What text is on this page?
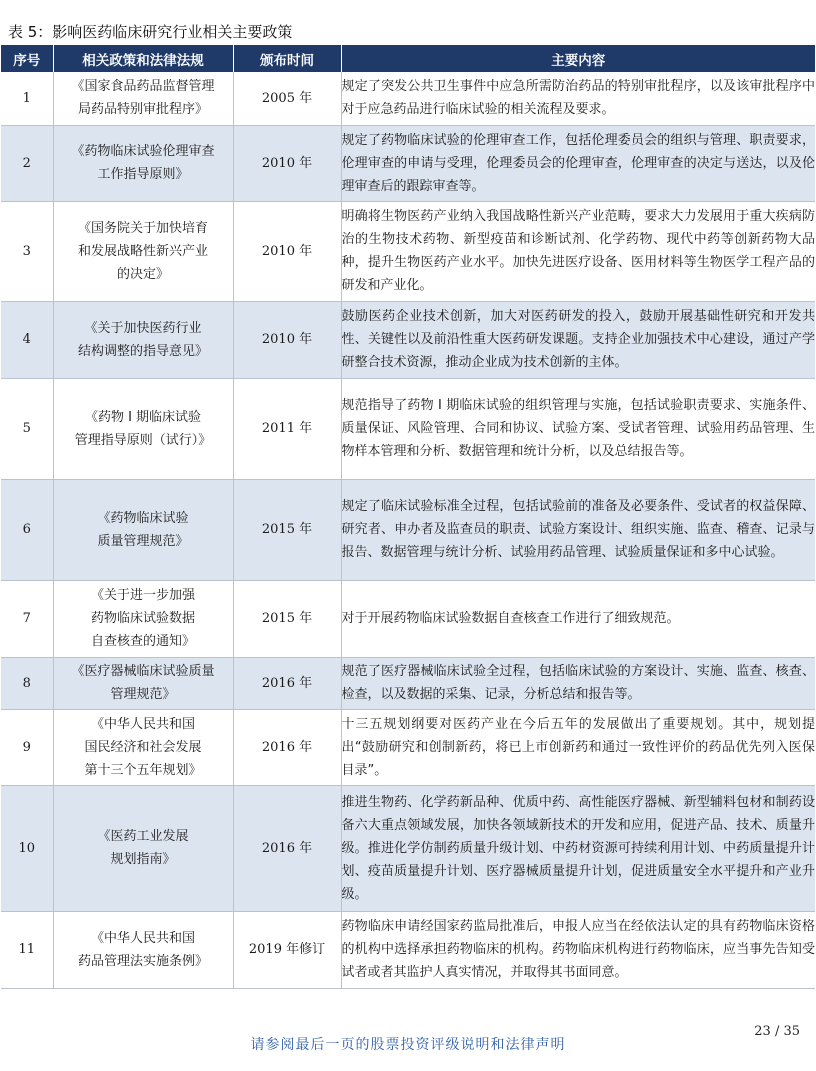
表 5：影响医药临床研究行业相关主要政策
序号	相关政策和法律法规	颁布时间	主要内容
1	《国家食品药品监督管理
局药品特别审批程序》	2005 年	规定了突发公共卫生事件中应急所需防治药品的特别审批程序，以及该审批程序中对于应急药品进行临床试验的相关流程及要求。
2	《药物临床试验伦理审查
工作指导原则》	2010 年	规定了药物临床试验的伦理审查工作，包括伦理委员会的组织与管理、职责要求，伦理审查的申请与受理，伦理委员会的伦理审查，伦理审查的决定与送达，以及伦理审查后的跟踪审查等。
3	《国务院关于加快培育
和发展战略性新兴产业
的决定》	2010 年	明确将生物医药产业纳入我国战略性新兴产业范畴，要求大力发展用于重大疾病防治的生物技术药物、新型疫苗和诊断试剂、化学药物、现代中药等创新药物大品种，提升生物医药产业水平。加快先进医疗设备、医用材料等生物医学工程产品的研发和产业化。
4	《关于加快医药行业
结构调整的指导意见》	2010 年	鼓励医药企业技术创新，加大对医药研发的投入，鼓励开展基础性研究和开发共性、关键性以及前沿性重大医药研发课题。支持企业加强技术中心建设，通过产学研整合技术资源，推动企业成为技术创新的主体。
5	《药物 I 期临床试验
管理指导原则（试行）》	2011 年	规范指导了药物 I 期临床试验的组织管理与实施，包括试验职责要求、实施条件、质量保证、风险管理、合同和协议、试验方案、受试者管理、试验用药品管理、生物样本管理和分析、数据管理和统计分析，以及总结报告等。
6	《药物临床试验
质量管理规范》	2015 年	规定了临床试验标准全过程，包括试验前的准备及必要条件、受试者的权益保障、研究者、申办者及监查员的职责、试验方案设计、组织实施、监查、稽查、记录与报告、数据管理与统计分析、试验用药品管理、试验质量保证和多中心试验。
7	《关于进一步加强
药物临床试验数据
自查核查的通知》	2015 年	对于开展药物临床试验数据自查核查工作进行了细致规范。
8	《医疗器械临床试验质量
管理规范》	2016 年	规范了医疗器械临床试验全过程，包括临床试验的方案设计、实施、监查、核查、检查，以及数据的采集、记录，分析总结和报告等。
9	《中华人民共和国
国民经济和社会发展
第十三个五年规划》	2016 年	十三五规划纲要对医药产业在今后五年的发展做出了重要规划。其中，规划提出“鼓励研究和创制新药，将已上市创新药和通过一致性评价的药品优先列入医保目录”。
10	《医药工业发展
规划指南》	2016 年	推进生物药、化学药新品种、优质中药、高性能医疗器械、新型辅料包材和制药设备六大重点领域发展，加快各领域新技术的开发和应用，促进产品、技术、质量升级。推进化学仿制药质量升级计划、中药材资源可持续利用计划、中药质量提升计划、疫苗质量提升计划、医疗器械质量提升计划，促进质量安全水平提升和产业升级。
11	《中华人民共和国
药品管理法实施条例》	2019 年修订	药物临床申请经国家药监局批准后，申报人应当在经依法认定的具有药物临床资格的机构中选择承担药物临床的机构。药物临床机构进行药物临床，应当事先告知受试者或者其监护人真实情况，并取得其书面同意。
23 / 35
请参阅最后一页的股票投资评级说明和法律声明
